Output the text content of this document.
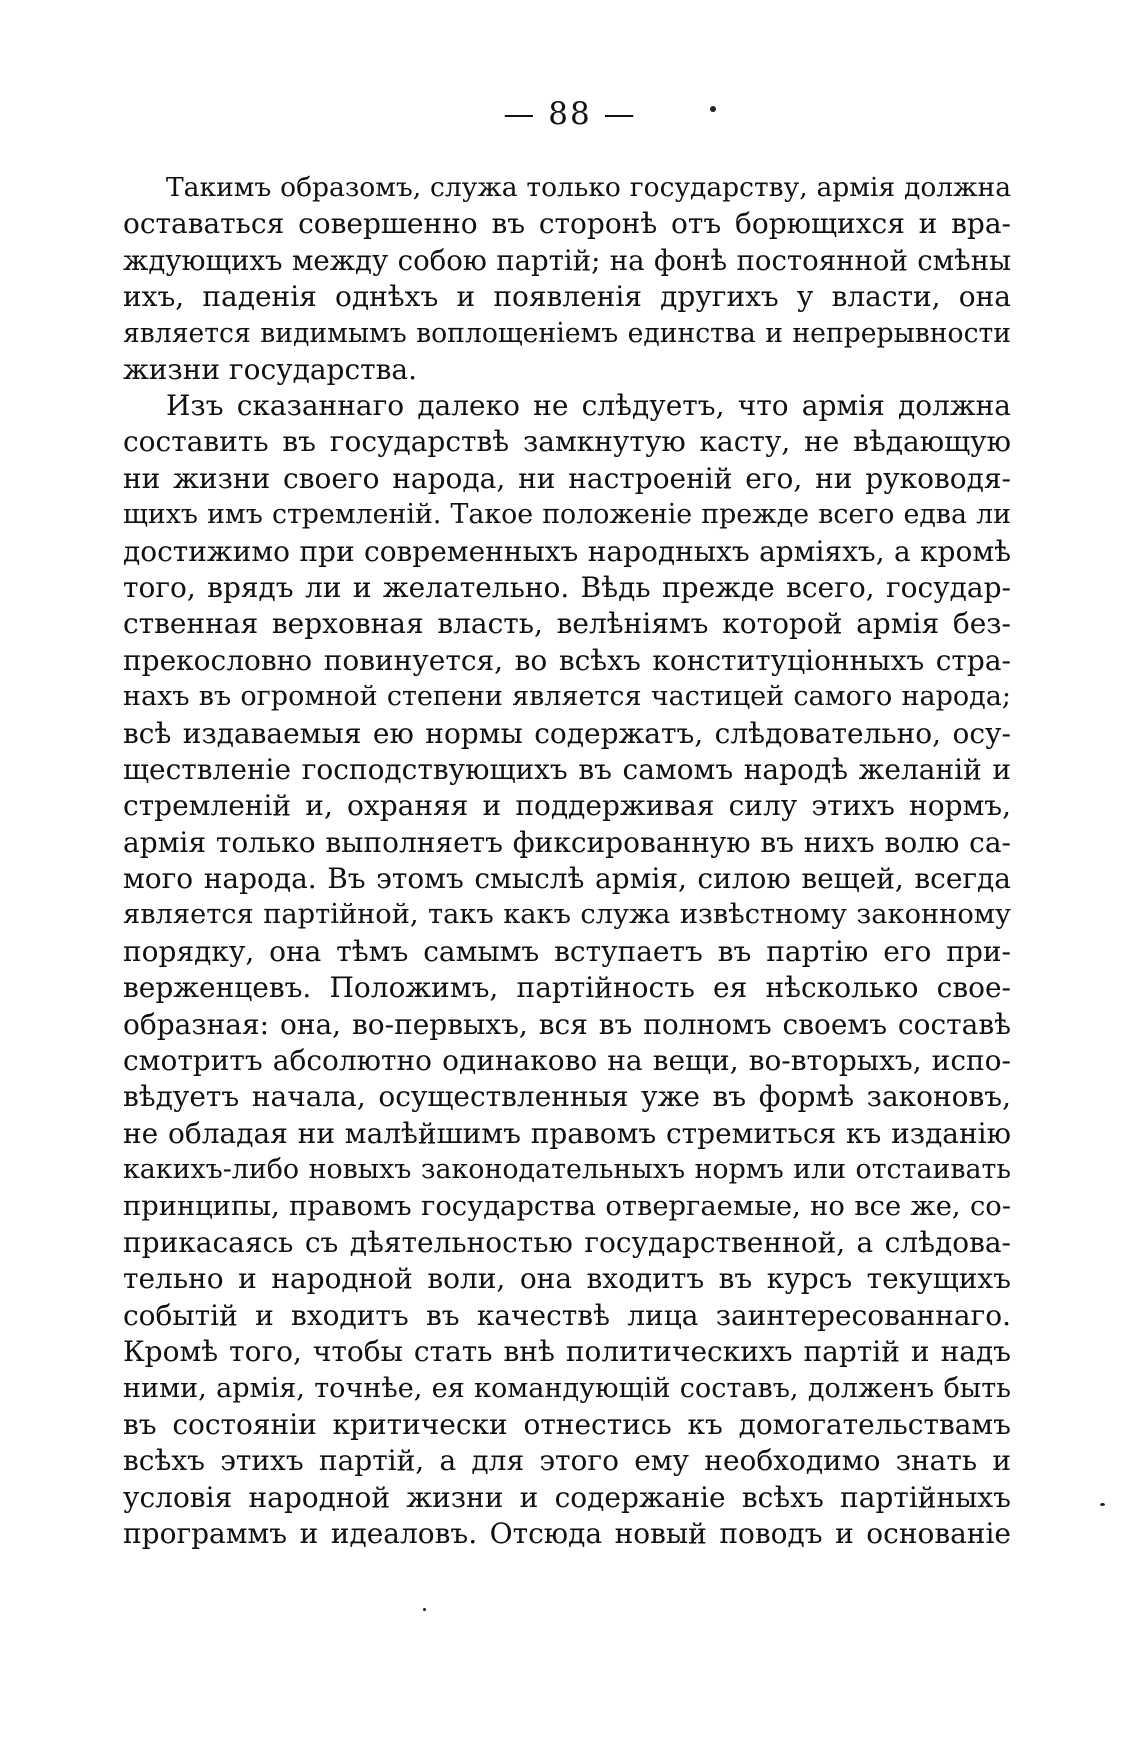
— 88 —
Такимъ образомъ, служа только государству, армія должна
оставаться совершенно въ сторонѣ отъ борющихся и вра-
ждующихъ между собою партій; на фонѣ постоянной смѣны
ихъ, паденія однѣхъ и появленія другихъ у власти, она
является видимымъ воплощеніемъ единства и непрерывности
жизни государства.
Изъ сказаннаго далеко не слѣдуетъ, что армія должна
составить въ государствѣ замкнутую касту, не вѣдающую
ни жизни своего народа, ни настроеній его, ни руководя-
щихъ имъ стремленій. Такое положеніе прежде всего едва ли
достижимо при современныхъ народныхъ арміяхъ, а кромѣ
того, врядъ ли и желательно. Вѣдь прежде всего, государ-
ственная верховная власть, велѣніямъ которой армія без-
прекословно повинуется, во всѣхъ конституціонныхъ стра-
нахъ въ огромной степени является частицей самого народа;
всѣ издаваемыя ею нормы содержатъ, слѣдовательно, осу-
ществленіе господствующихъ въ самомъ народѣ желаній и
стремленій и, охраняя и поддерживая силу этихъ нормъ,
армія только выполняетъ фиксированную въ нихъ волю са-
мого народа. Въ этомъ смыслѣ армія, силою вещей, всегда
является партійной, такъ какъ служа извѣстному законному
порядку, она тѣмъ самымъ вступаетъ въ партію его при-
верженцевъ. Положимъ, партійность ея нѣсколько свое-
образная: она, во-первыхъ, вся въ полномъ своемъ составѣ
смотритъ абсолютно одинаково на вещи, во-вторыхъ, испо-
вѣдуетъ начала, осуществленныя уже въ формѣ законовъ,
не обладая ни малѣйшимъ правомъ стремиться къ изданію
какихъ-либо новыхъ законодательныхъ нормъ или отстаивать
принципы, правомъ государства отвергаемые, но все же, со-
прикасаясь съ дѣятельностью государственной, а слѣдова-
тельно и народной воли, она входитъ въ курсъ текущихъ
событій и входитъ въ качествѣ лица заинтересованнаго.
Кромѣ того, чтобы стать внѣ политическихъ партій и надъ
ними, армія, точнѣе, ея командующій составъ, долженъ быть
въ состояніи критически отнестись къ домогательствамъ
всѣхъ этихъ партій, а для этого ему необходимо знать и
условія народной жизни и содержаніе всѣхъ партійныхъ
программъ и идеаловъ. Отсюда новый поводъ и основаніе
